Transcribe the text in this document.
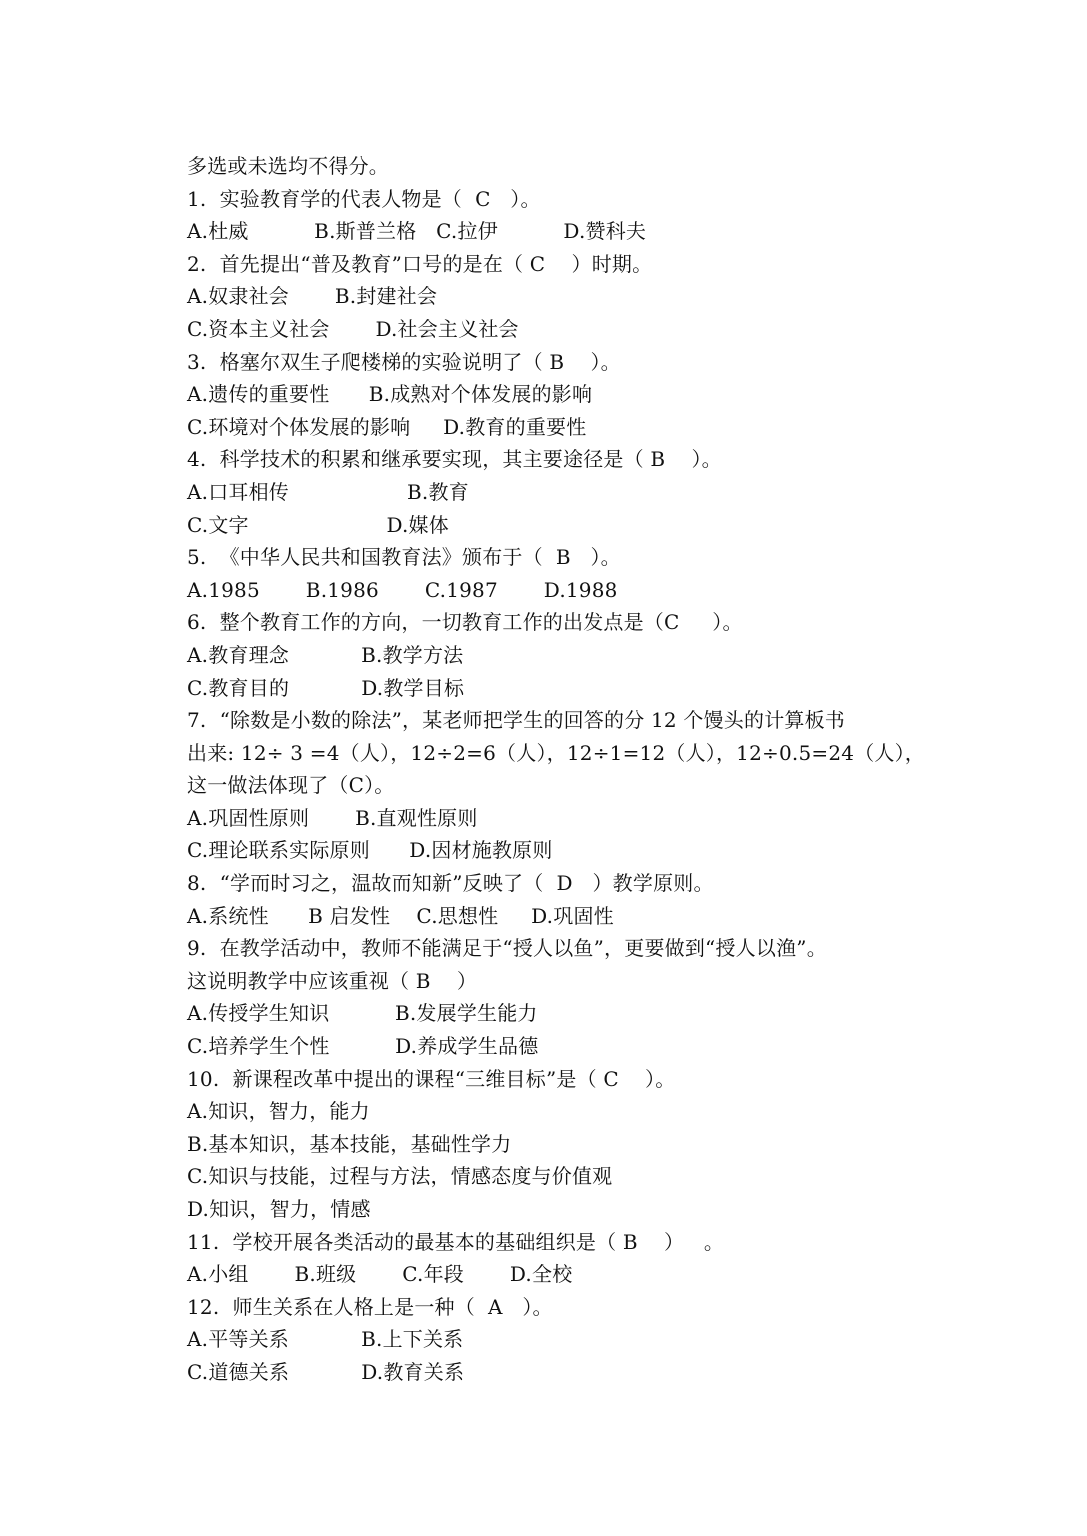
多选或未选均不得分。
1.  实验教育学的代表人物是（  C   ）。
A.杜威          B.斯普兰格   C.拉伊          D.赞科夫
2.  首先提出“普及教育”口号的是在（ C    ）时期。
A.奴隶社会       B.封建社会
C.资本主义社会       D.社会主义社会
3.  格塞尔双生子爬楼梯的实验说明了（ B    ）。
A.遗传的重要性      B.成熟对个体发展的影响
C.环境对个体发展的影响     D.教育的重要性
4.  科学技术的积累和继承要实现，其主要途径是（ B    ）。
A.口耳相传                  B.教育
C.文字                     D.媒体
5.  《中华人民共和国教育法》颁布于（  B   ）。
A.1985       B.1986       C.1987       D.1988
6.  整个教育工作的方向，一切教育工作的出发点是（C     ）。
A.教育理念           B.教学方法
C.教育目的           D.教学目标
7.  “除数是小数的除法”，某老师把学生的回答的分 12 个馒头的计算板书
出来: 12÷ 3 =4（人），12÷2=6（人），12÷1=12（人），12÷0.5=24（人），
这一做法体现了（C）。
A.巩固性原则       B.直观性原则
C.理论联系实际原则      D.因材施教原则
8.  “学而时习之，温故而知新”反映了（  D   ）教学原则。
A.系统性      B 启发性    C.思想性     D.巩固性
9.  在教学活动中，教师不能满足于“授人以鱼”，更要做到“授人以渔”。
这说明教学中应该重视（ B    ）
A.传授学生知识          B.发展学生能力
C.培养学生个性          D.养成学生品德
10.  新课程改革中提出的课程“三维目标”是（ C    ）。
A.知识，智力，能力
B.基本知识，基本技能，基础性学力
C.知识与技能，过程与方法，情感态度与价值观
D.知识，智力，情感
11.  学校开展各类活动的最基本的基础组织是（ B    ）   。
A.小组       B.班级       C.年段       D.全校
12.  师生关系在人格上是一种（  A   ）。
A.平等关系           B.上下关系
C.道德关系           D.教育关系
